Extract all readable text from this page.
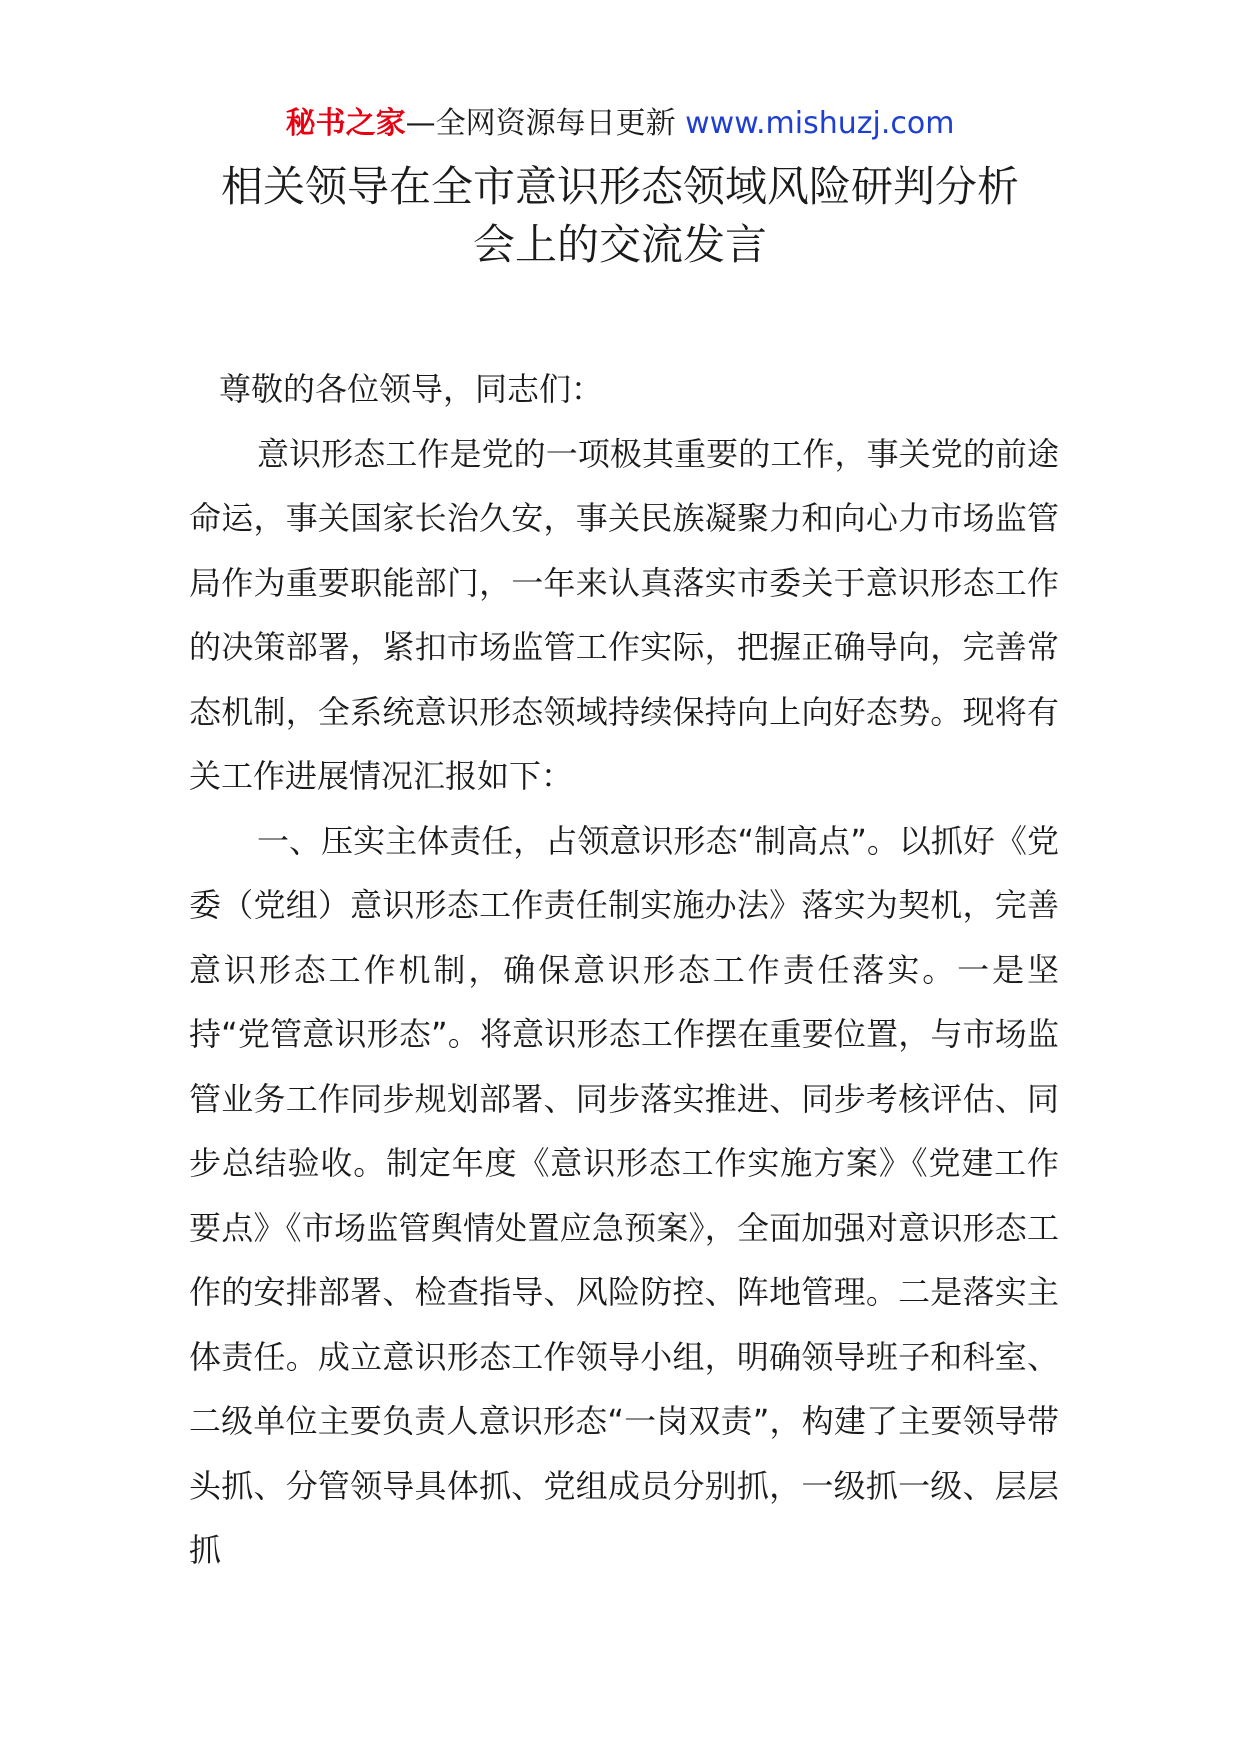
秘书之家—全网资源每日更新 www.mishuzj.com
相关领导在全市意识形态领域风险研判分析
会上的交流发言

尊敬的各位领导，同志们：

意识形态工作是党的一项极其重要的工作，事关党的前途命运，事关国家长治久安，事关民族凝聚力和向心力市场监管局作为重要职能部门，一年来认真落实市委关于意识形态工作的决策部署，紧扣市场监管工作实际，把握正确导向，完善常态机制，全系统意识形态领域持续保持向上向好态势。现将有关工作进展情况汇报如下：

一、压实主体责任，占领意识形态“制高点”。以抓好《党委（党组）意识形态工作责任制实施办法》落实为契机，完善意识形态工作机制，确保意识形态工作责任落实。一是坚持“党管意识形态”。将意识形态工作摆在重要位置，与市场监管业务工作同步规划部署、同步落实推进、同步考核评估、同步总结验收。制定年度《意识形态工作实施方案》《党建工作要点》《市场监管舆情处置应急预案》，全面加强对意识形态工作的安排部署、检查指导、风险防控、阵地管理。二是落实主体责任。成立意识形态工作领导小组，明确领导班子和科室、二级单位主要负责人意识形态“一岗双责”，构建了主要领导带头抓、分管领导具体抓、党组成员分别抓，一级抓一级、层层抓
